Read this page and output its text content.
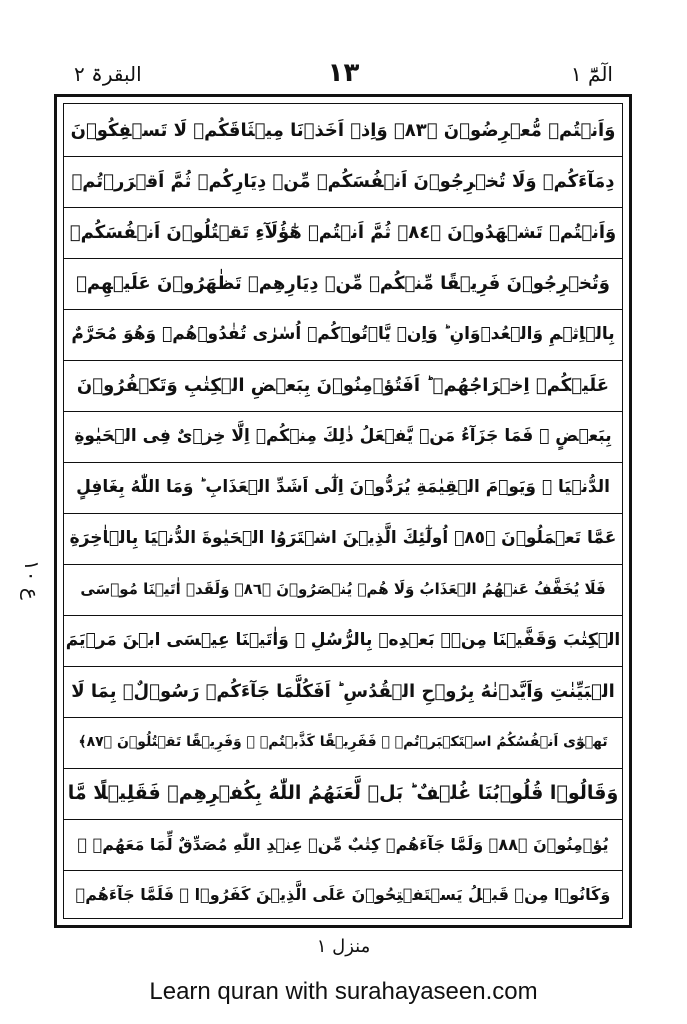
البقرۃ ٢	١٣	الٓمّٓ ١
ع ١٠
وَاَنۡتُمۡ مُّعۡرِضُوۡنَ ﴿٨٣﴾ وَاِذۡ اَخَذۡنَا مِيۡثَاقَكُمۡ لَا تَسۡفِكُوۡنَ
دِمَآءَكُمۡ وَلَا تُخۡرِجُوۡنَ اَنۡفُسَكُمۡ مِّنۡ دِيَارِكُمۡ ثُمَّ اَقۡرَرۡتُمۡ
وَاَنۡتُمۡ تَشۡهَدُوۡنَ ﴿٨٤﴾ ثُمَّ اَنۡتُمۡ هٰٓؤُلَآءِ تَقۡتُلُوۡنَ اَنۡفُسَكُمۡ
وَتُخۡرِجُوۡنَ فَرِيۡقًا مِّنۡكُمۡ مِّنۡ دِيَارِهِمۡ تَظٰهَرُوۡنَ عَلَيۡهِمۡ
بِالۡاِثۡمِ وَالۡعُدۡوَانِ ؕ وَاِنۡ يَّاۡتُوۡكُمۡ اُسٰرٰى تُفٰدُوۡهُمۡ وَهُوَ مُحَرَّمٌ
عَلَيۡكُمۡ اِخۡرَاجُهُمۡ ؕ اَفَتُؤۡمِنُوۡنَ بِبَعۡضِ الۡكِتٰبِ وَتَكۡفُرُوۡنَ
بِبَعۡضٍ ۚ فَمَا جَزَآءُ مَنۡ يَّفۡعَلُ ذٰلِكَ مِنۡكُمۡ اِلَّا خِزۡىٌ فِى الۡحَيٰوةِ
الدُّنۡيَا ۚ وَيَوۡمَ الۡقِيٰمَةِ يُرَدُّوۡنَ اِلٰٓى اَشَدِّ الۡعَذَابِ ؕ وَمَا اللّٰهُ بِغَافِلٍ
عَمَّا تَعۡمَلُوۡنَ ﴿٨٥﴾ اُولٰٓئِكَ الَّذِيۡنَ اشۡتَرَوُا الۡحَيٰوةَ الدُّنۡيَا بِالۡاٰخِرَةِ
فَلَا يُخَفَّفُ عَنۡهُمُ الۡعَذَابُ وَلَا هُمۡ يُنۡصَرُوۡنَ ﴿٨٦﴾ وَلَقَدۡ اٰتَيۡنَا مُوۡسَى
الۡكِتٰبَ وَقَفَّيۡنَا مِنۡۢ بَعۡدِهٖ بِالرُّسُلِ ۖ وَاٰتَيۡنَا عِيۡسَى ابۡنَ مَرۡيَمَ
الۡبَيِّنٰتِ وَاَيَّدۡنٰهُ بِرُوۡحِ الۡقُدُسِ ؕ اَفَكُلَّمَا جَآءَكُمۡ رَسُوۡلٌۢ بِمَا لَا
تَهۡوٰٓى اَنۡفُسُكُمُ اسۡتَكۡبَرۡتُمۡ ۚ فَفَرِيۡقًا كَذَّبۡتُمۡ ؗ وَفَرِيۡقًا تَقۡتُلُوۡنَ ﴿٨٧﴾
وَقَالُوۡا قُلُوۡبُنَا غُلۡفٌ ؕ بَلۡ لَّعَنَهُمُ اللّٰهُ بِكُفۡرِهِمۡ فَقَلِيۡلًا مَّا
يُؤۡمِنُوۡنَ ﴿٨٨﴾ وَلَمَّا جَآءَهُمۡ كِتٰبٌ مِّنۡ عِنۡدِ اللّٰهِ مُصَدِّقٌ لِّمَا مَعَهُمۡ ۙ
وَكَانُوۡا مِنۡ قَبۡلُ يَسۡتَفۡتِحُوۡنَ عَلَى الَّذِيۡنَ كَفَرُوۡا ۚ فَلَمَّا جَآءَهُمۡ
منزل ١
Learn quran with surahayaseen.com
